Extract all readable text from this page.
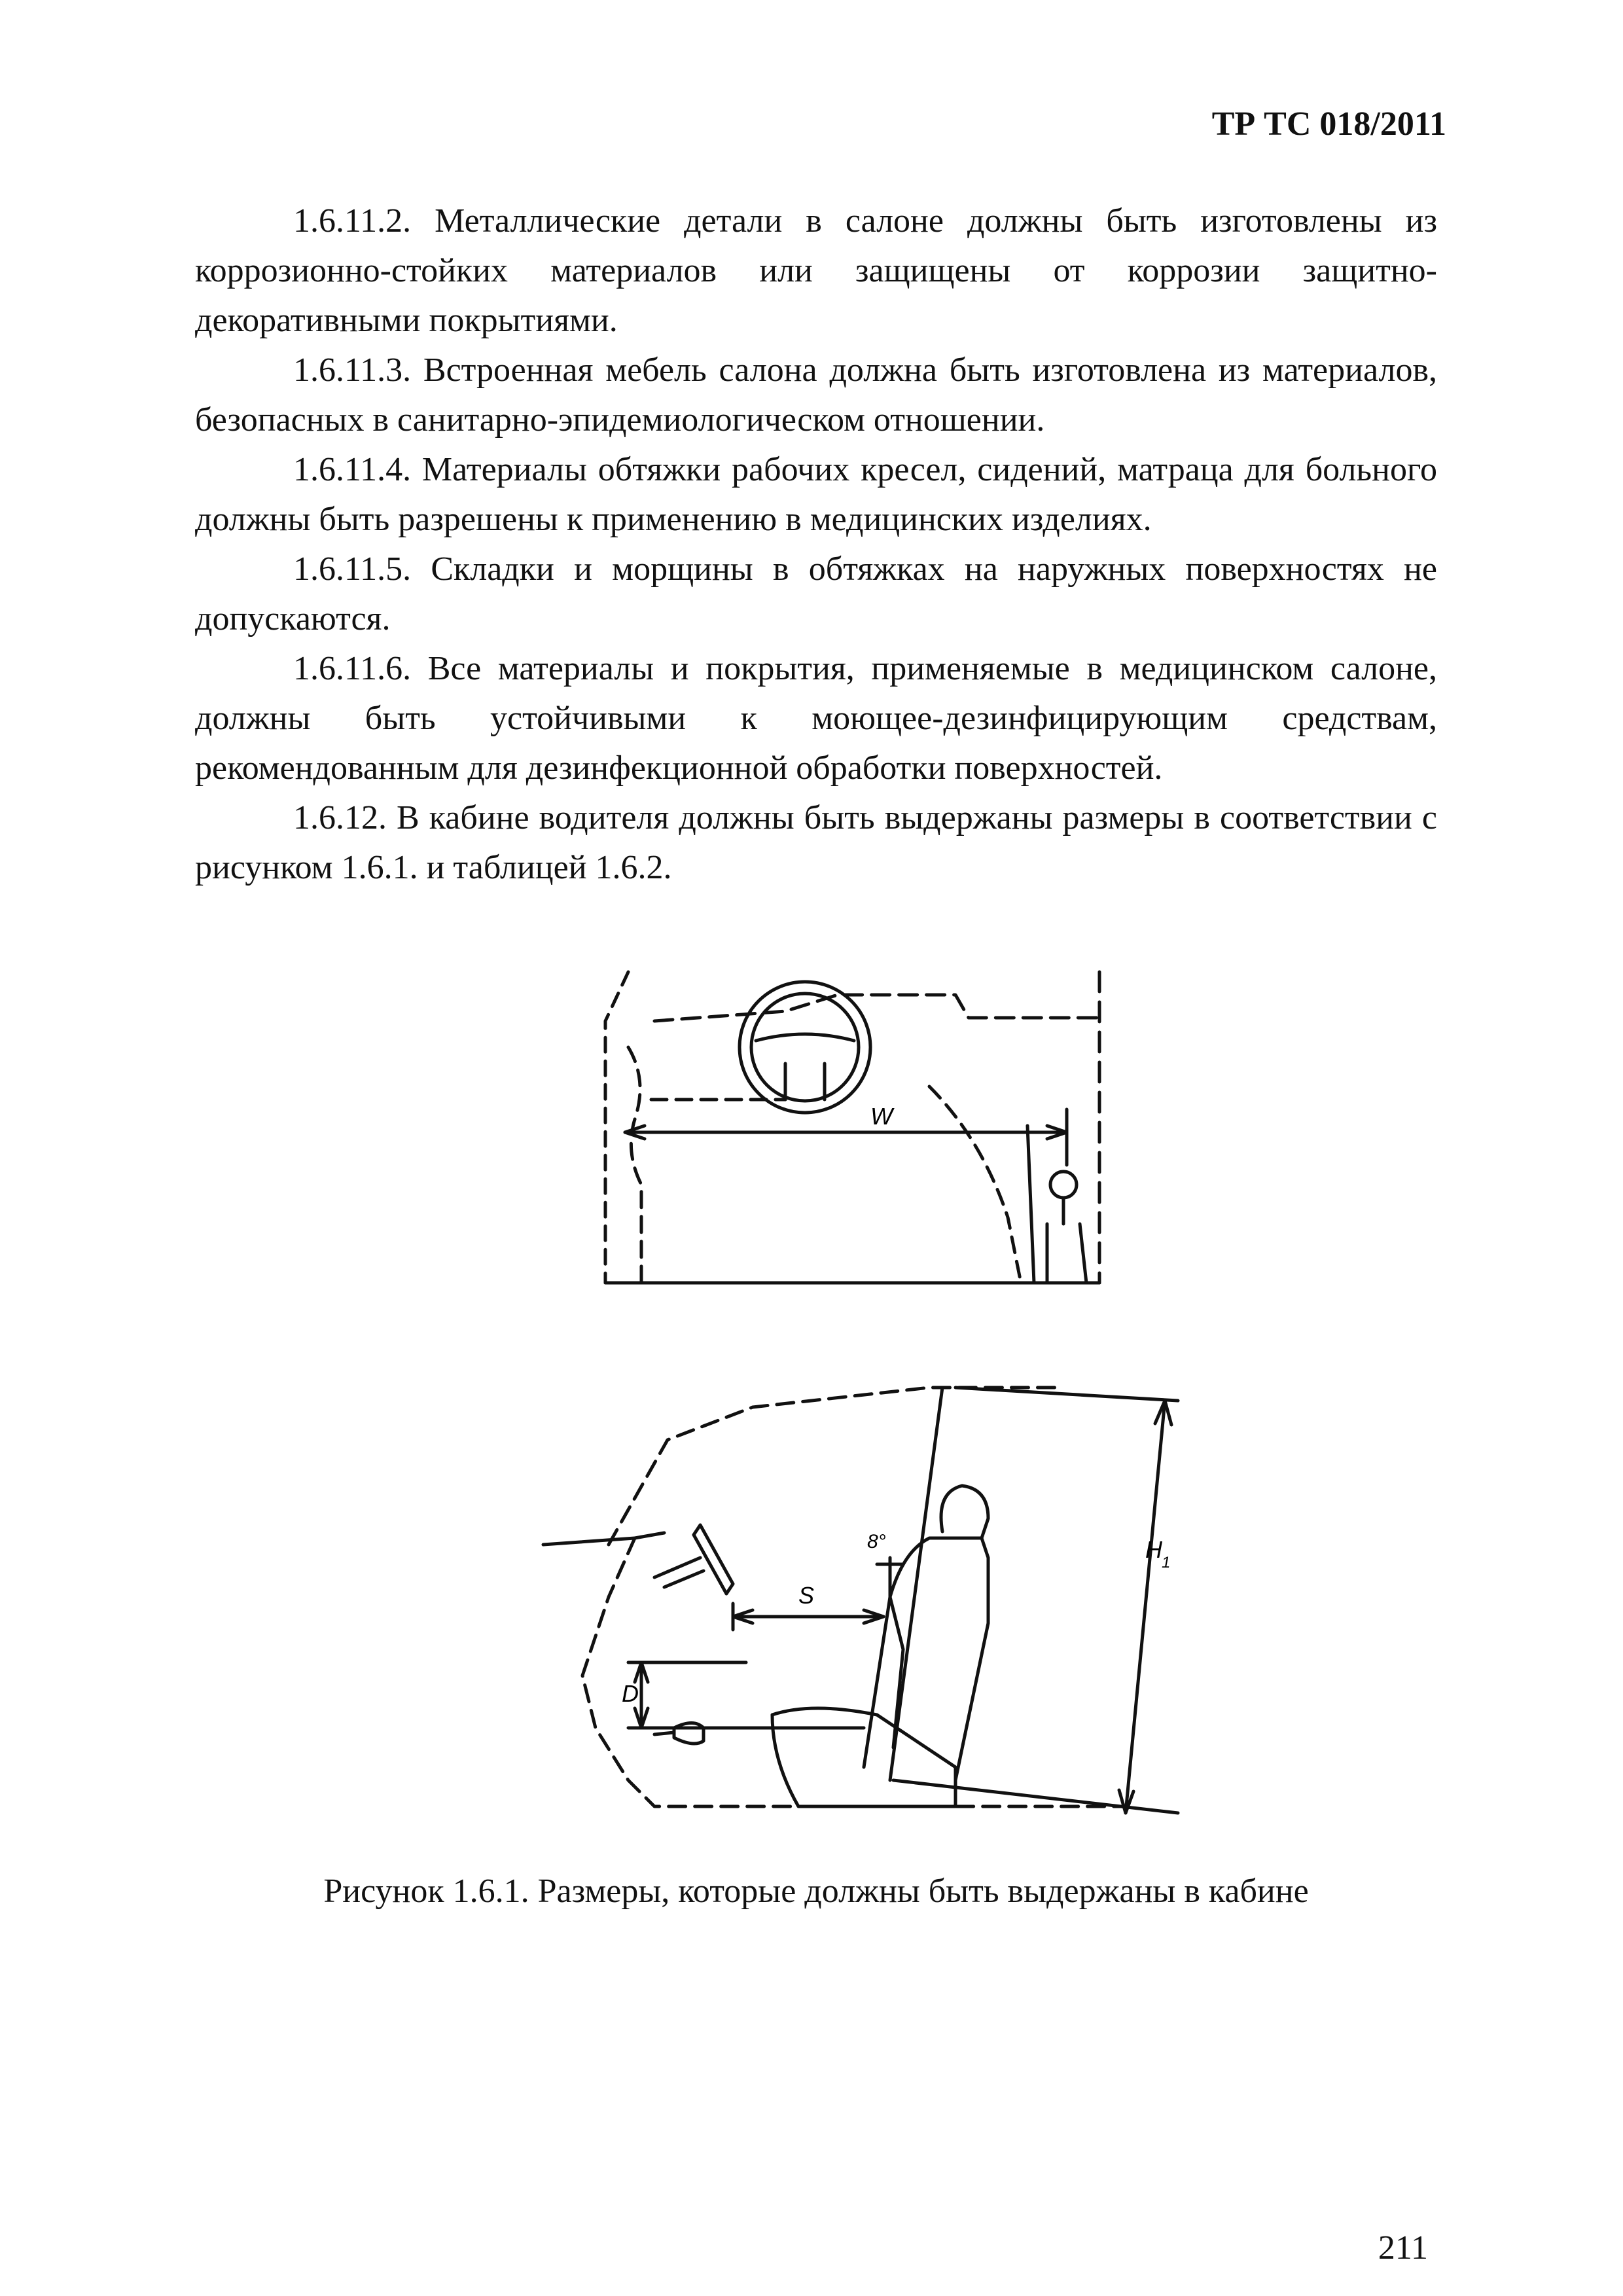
ТР ТС 018/2011

1.6.11.2. Металлические детали в салоне должны быть изготовлены из коррозионно-стойких материалов или защищены от коррозии защитно-декоративными покрытиями.

1.6.11.3. Встроенная мебель салона должна быть изготовлена из материалов, безопасных в санитарно-эпидемиологическом отношении.

1.6.11.4. Материалы обтяжки рабочих кресел, сидений, матраца для больного должны быть разрешены к применению в медицинских изделиях.

1.6.11.5. Складки и морщины в обтяжках на наружных поверхностях не допускаются.

1.6.11.6. Все материалы и покрытия, применяемые в медицинском салоне, должны быть устойчивыми к моющее-дезинфицирующим средствам, рекомендованным для дезинфекционной обработки поверхностей.

1.6.12. В кабине водителя должны быть выдержаны размеры в соответствии с рисунком 1.6.1. и таблицей 1.6.2.

W
S
D
8°	H 1
Рисунок 1.6.1. Размеры, которые должны быть выдержаны в кабине
211
